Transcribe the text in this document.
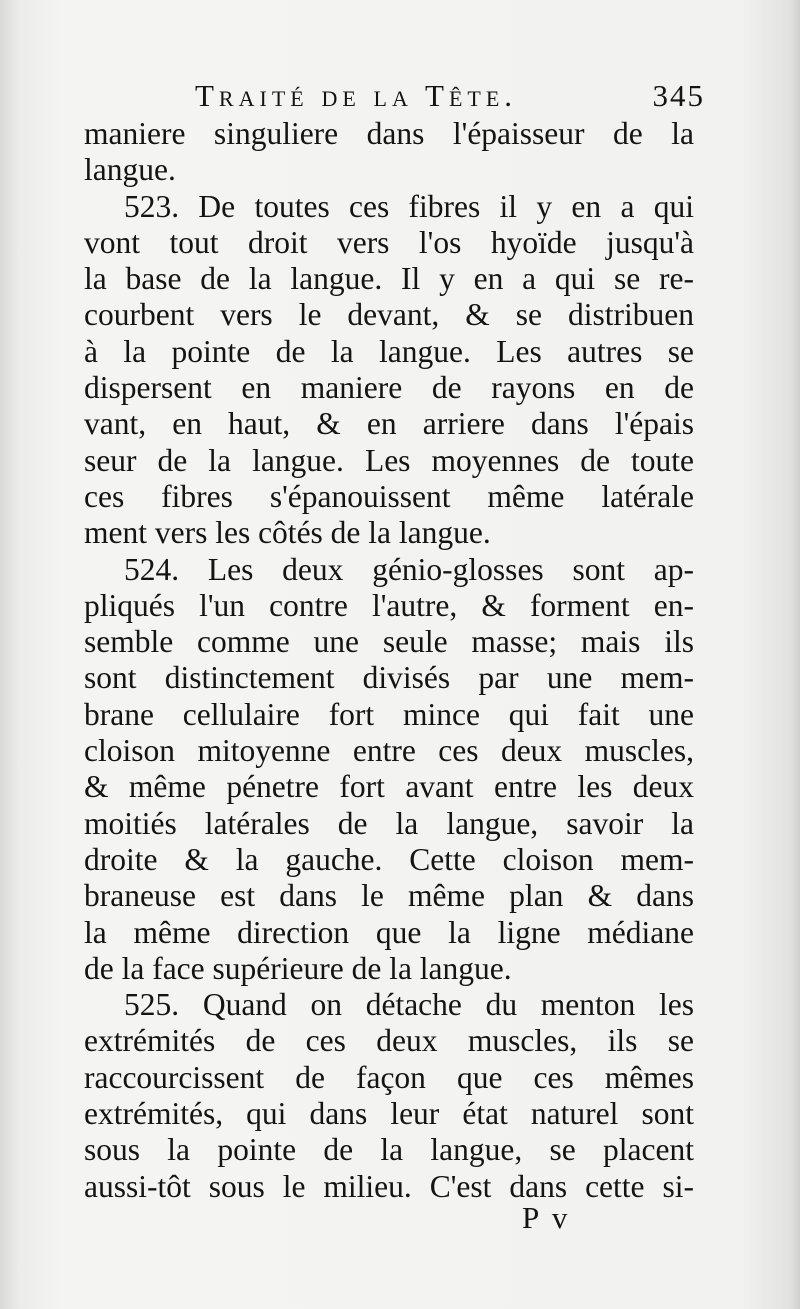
Traité de la Tête.	345
maniere singuliere dans l'épaisseur de la
langue.
523. De toutes ces fibres il y en a qui
vont tout droit vers l'os hyoïde jusqu'à
la base de la langue. Il y en a qui se re-
courbent vers le devant, & se distribuen
à la pointe de la langue. Les autres se
dispersent en maniere de rayons en de
vant, en haut, & en arriere dans l'épais
seur de la langue. Les moyennes de toute
ces fibres s'épanouissent même latérale
ment vers les côtés de la langue.
524. Les deux génio-glosses sont ap-
pliqués l'un contre l'autre, & forment en-
semble comme une seule masse; mais ils
sont distinctement divisés par une mem-
brane cellulaire fort mince qui fait une
cloison mitoyenne entre ces deux muscles,
& même pénetre fort avant entre les deux
moitiés latérales de la langue, savoir la
droite & la gauche. Cette cloison mem-
braneuse est dans le même plan & dans
la même direction que la ligne médiane
de la face supérieure de la langue.
525. Quand on détache du menton les
extrémités de ces deux muscles, ils se
raccourcissent de façon que ces mêmes
extrémités, qui dans leur état naturel sont
sous la pointe de la langue, se placent
aussi-tôt sous le milieu. C'est dans cette si-
P v
